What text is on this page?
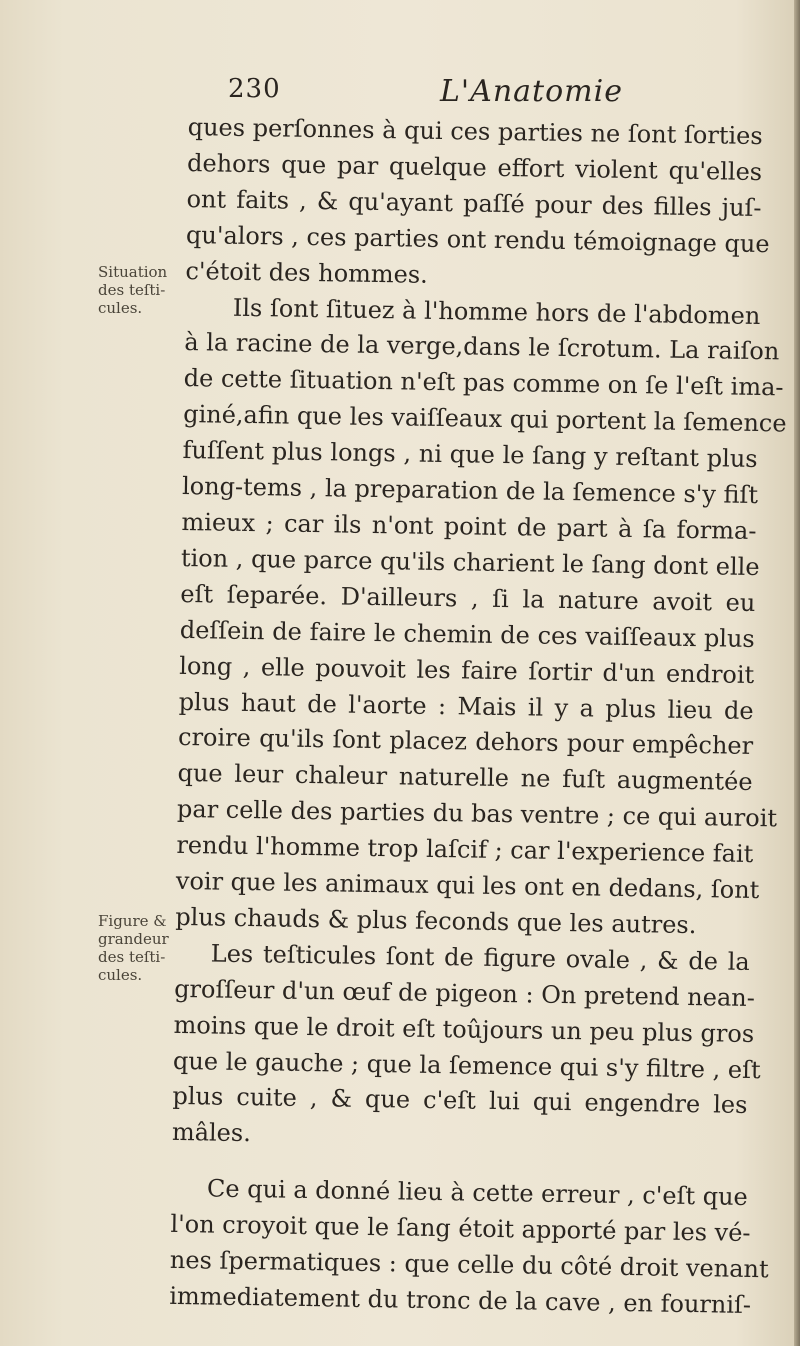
230	L'Anatomie
Situation
des teſti-
cules.
Figure &
grandeur
des teſti-
cules.
ques perſonnes à qui ces parties ne ſont ſorties
dehors que par quelque effort violent qu'elles
ont faits , & qu'ayant paſſé pour des filles juſ-
qu'alors , ces parties ont rendu témoignage que
c'étoit des hommes.
Ils ſont ſituez à l'homme hors de l'abdomen
à la racine de la verge,dans le ſcrotum. La raiſon
de cette ſituation n'eſt pas comme on ſe l'eſt ima-
giné,afin que les vaiſſeaux qui portent la ſemence
fuſſent plus longs , ni que le ſang y reſtant plus
long-tems , la preparation de la ſemence s'y fiſt
mieux ; car ils n'ont point de part à ſa forma-
tion , que parce qu'ils charient le ſang dont elle
eſt ſeparée. D'ailleurs , ſi la nature avoit eu
deſſein de faire le chemin de ces vaiſſeaux plus
long , elle pouvoit les faire ſortir d'un endroit
plus haut de l'aorte : Mais il y a plus lieu de
croire qu'ils ſont placez dehors pour empêcher
que leur chaleur naturelle ne fuſt augmentée
par celle des parties du bas ventre ; ce qui auroit
rendu l'homme trop laſcif ; car l'experience fait
voir que les animaux qui les ont en dedans, ſont
plus chauds & plus feconds que les autres.
Les teſticules ſont de figure ovale , & de la
groſſeur d'un œuf de pigeon : On pretend nean-
moins que le droit eſt toûjours un peu plus gros
que le gauche ; que la ſemence qui s'y filtre , eſt
plus cuite , & que c'eſt lui qui engendre les
mâles.
Ce qui a donné lieu à cette erreur , c'eſt que
l'on croyoit que le ſang étoit apporté par les vé-
nes ſpermatiques : que celle du côté droit venant
immediatement du tronc de la cave , en fourniſ-
